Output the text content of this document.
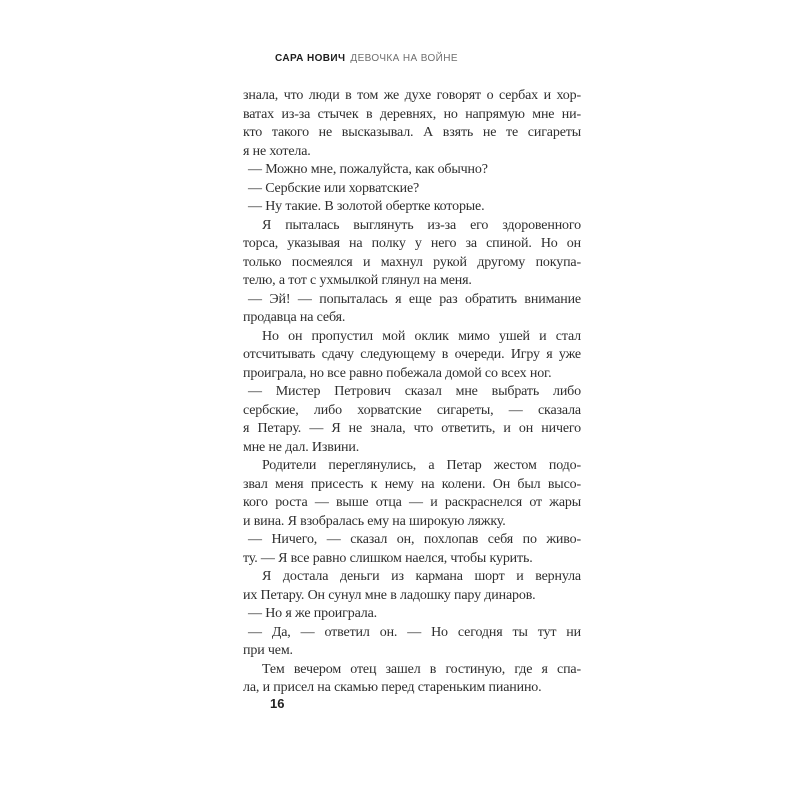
САРА НОВИЧ ДЕВОЧКА НА ВОЙНЕ
знала, что люди в том же духе говорят о сербах и хор-
ватах из-за стычек в деревнях, но напрямую мне ни-
кто такого не высказывал. А взять не те сигареты
я не хотела.
— Можно мне, пожалуйста, как обычно?
— Сербские или хорватские?
— Ну такие. В золотой обертке которые.
Я пыталась выглянуть из-за его здоровенного
торса, указывая на полку у него за спиной. Но он
только посмеялся и махнул рукой другому покупа-
телю, а тот с ухмылкой глянул на меня.
— Эй! — попыталась я еще раз обратить внимание
продавца на себя.
Но он пропустил мой оклик мимо ушей и стал
отсчитывать сдачу следующему в очереди. Игру я уже
проиграла, но все равно побежала домой со всех ног.
— Мистер Петрович сказал мне выбрать либо
сербские, либо хорватские сигареты, — сказала
я Петару. — Я не знала, что ответить, и он ничего
мне не дал. Извини.
Родители переглянулись, а Петар жестом подо-
звал меня присесть к нему на колени. Он был высо-
кого роста — выше отца — и раскраснелся от жары
и вина. Я взобралась ему на широкую ляжку.
— Ничего, — сказал он, похлопав себя по живо-
ту. — Я все равно слишком наелся, чтобы курить.
Я достала деньги из кармана шорт и вернула
их Петару. Он сунул мне в ладошку пару динаров.
— Но я же проиграла.
— Да, — ответил он. — Но сегодня ты тут ни
при чем.
Тем вечером отец зашел в гостиную, где я спа-
ла, и присел на скамью перед стареньким пианино.
16
